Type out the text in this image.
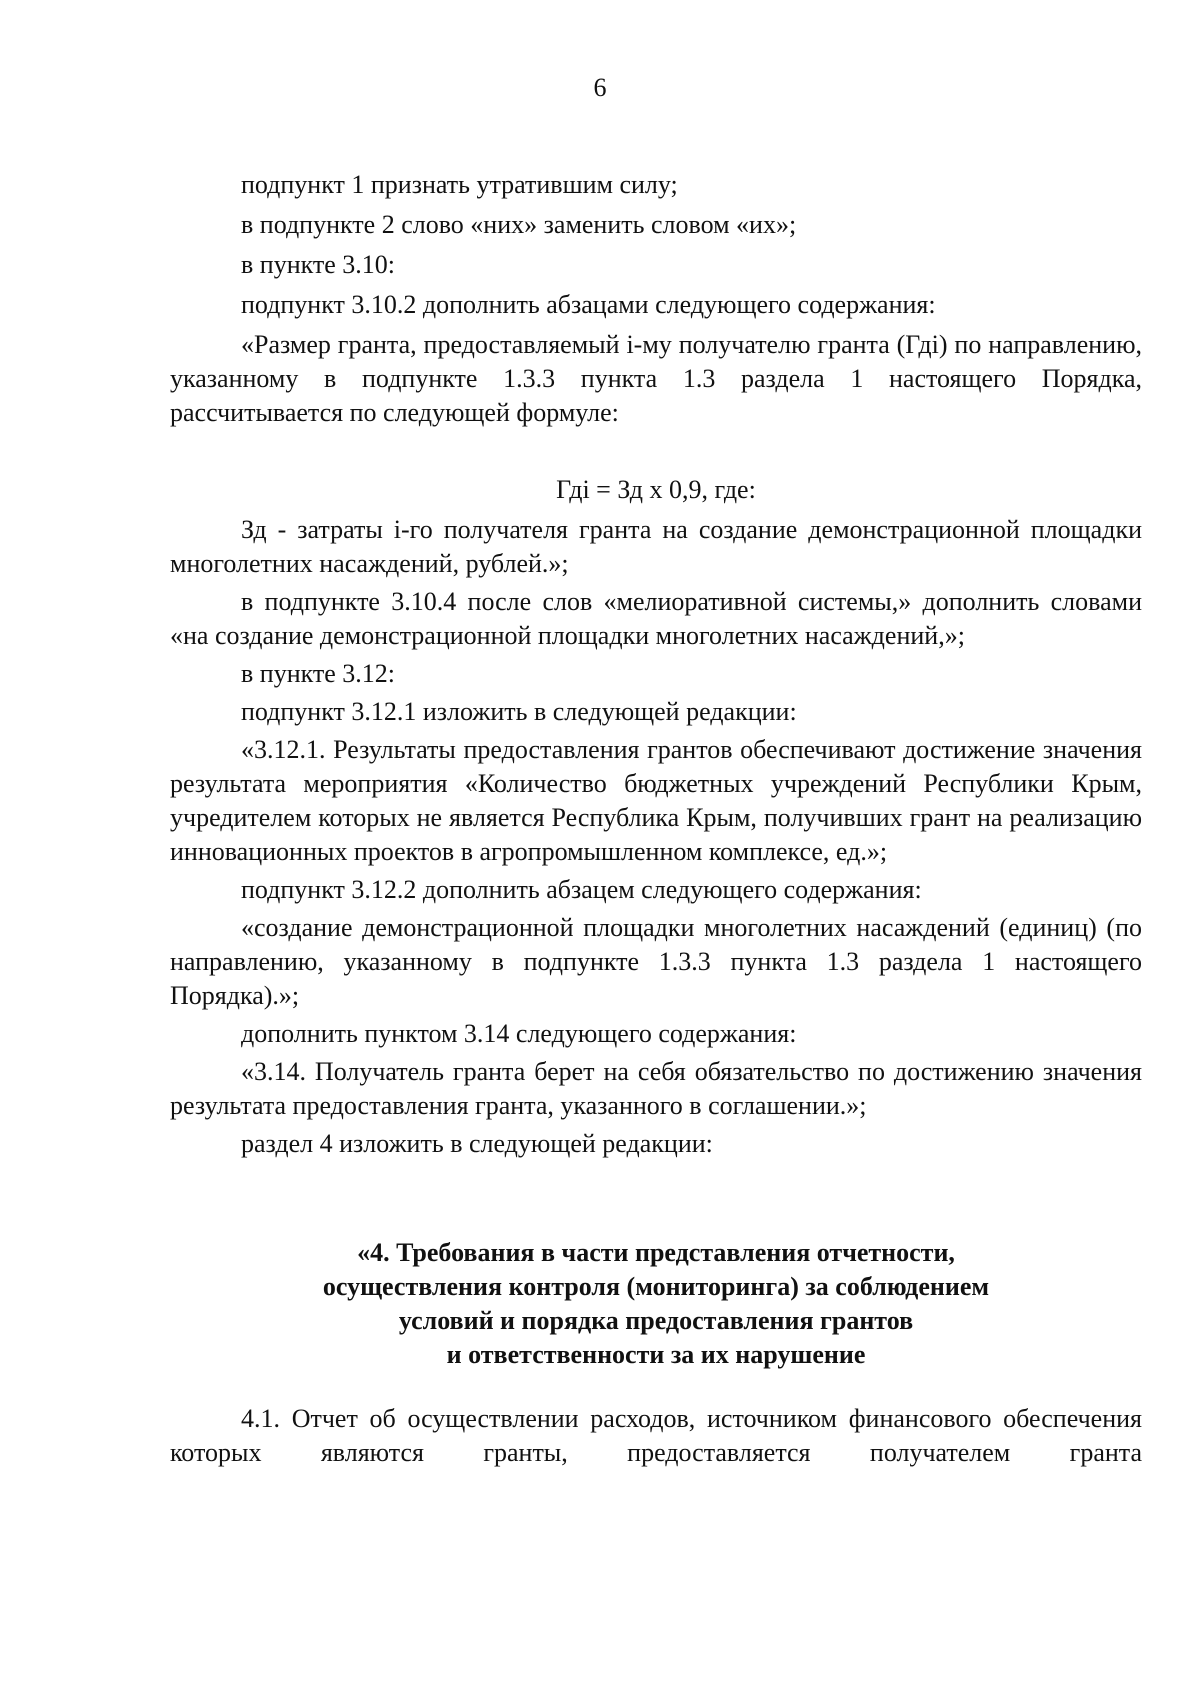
6

подпункт 1 признать утратившим силу;

в подпункте 2 слово «них» заменить словом «их»;

в пункте 3.10:

подпункт 3.10.2 дополнить абзацами следующего содержания:

«Размер гранта, предоставляемый i-му получателю гранта (Гдi) по направлению, указанному в подпункте 1.3.3 пункта 1.3 раздела 1 настоящего Порядка, рассчитывается по следующей формуле:

Гдi = Зд х 0,9, где:

Зд - затраты i-го получателя гранта на создание демонстрационной площадки многолетних насаждений, рублей.»;

в подпункте 3.10.4 после слов «мелиоративной системы,» дополнить словами «на создание демонстрационной площадки многолетних насаждений,»;

в пункте 3.12:

подпункт 3.12.1 изложить в следующей редакции:

«3.12.1. Результаты предоставления грантов обеспечивают достижение значения результата мероприятия «Количество бюджетных учреждений Республики Крым, учредителем которых не является Республика Крым, получивших грант на реализацию инновационных проектов в агропромышленном комплексе, ед.»;

подпункт 3.12.2 дополнить абзацем следующего содержания:

«создание демонстрационной площадки многолетних насаждений (единиц) (по направлению, указанному в подпункте 1.3.3 пункта 1.3 раздела 1 настоящего Порядка).»;

дополнить пунктом 3.14 следующего содержания:

«3.14. Получатель гранта берет на себя обязательство по достижению значения результата предоставления гранта, указанного в соглашении.»;

раздел 4 изложить в следующей редакции:

«4. Требования в части представления отчетности,
осуществления контроля (мониторинга) за соблюдением
условий и порядка предоставления грантов
и ответственности за их нарушение

4.1. Отчет об осуществлении расходов, источником финансового обеспечения которых являются гранты, предоставляется получателем гранта
